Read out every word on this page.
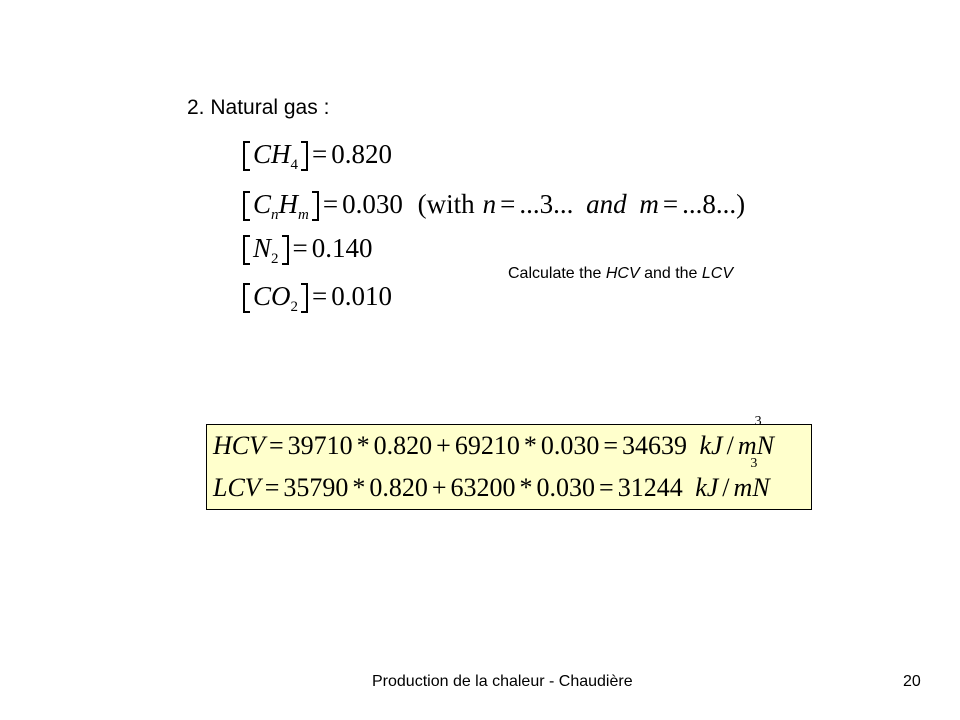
2. Natural gas :
$CH_4 = 0.820$
$C_nH_m = 0.030$ (with n = ...3... and m = ...8...)
$N_2 = 0.140$
$CO_2 = 0.010$
Calculate the HCV and the LCV
HCV = 39710 * 0.820 + 69210 * 0.030 = 34639 kJ / m
3
N
LCV = 35790 * 0.820 + 63200 * 0.030 = 31244 kJ / m
3
N
Production de la chaleur - Chaudière	20
